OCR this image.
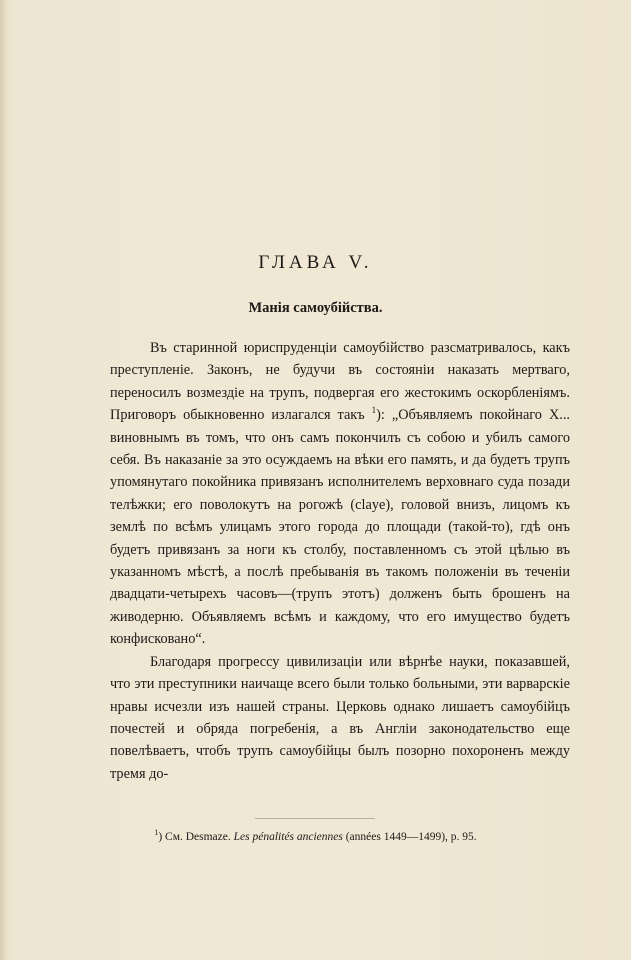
ГЛАВА V.
Манія самоубійства.

Въ старинной юриспруденціи самоубійство разсматривалось, какъ преступленіе. Законъ, не будучи въ состояніи наказать мертваго, переносилъ возмездіе на трупъ, подвергая его жестокимъ оскорбленіямъ. Приговоръ обыкновенно излагался такъ $^1$): „Объявляемъ покойнаго X... виновнымъ въ томъ, что онъ самъ покончилъ съ собою и убилъ самого себя. Въ наказаніе за это осуждаемъ на вѣки его память, и да будетъ трупъ упомянутаго покойника привязанъ исполнителемъ верховнаго суда позади телѣжки; его поволокутъ на рогожѣ (claye), головой внизъ, лицомъ къ землѣ по всѣмъ улицамъ этого города до площади (такой-то), гдѣ онъ будетъ привязанъ за ноги къ столбу, поставленномъ съ этой цѣлью въ указанномъ мѣстѣ, а послѣ пребыванія въ такомъ положеніи въ теченіи двадцати-четырехъ часовъ—(трупъ этотъ) долженъ быть брошенъ на живодерню. Объявляемъ всѣмъ и каждому, что его имущество будетъ конфисковано“.

Благодаря прогрессу цивилизаціи или вѣрнѣе науки, показавшей, что эти преступники наичаще всего были только больными, эти варварскіе нравы исчезли изъ нашей страны. Церковь однако лишаетъ самоубійцъ почестей и обряда погребенія, а въ Англіи законодательство еще повелѣваетъ, чтобъ трупъ самоубійцы былъ позорно похороненъ между тремя до-

$^1$) См. Desmaze. Les pénalités anciennes (années 1449—1499), p. 95.
